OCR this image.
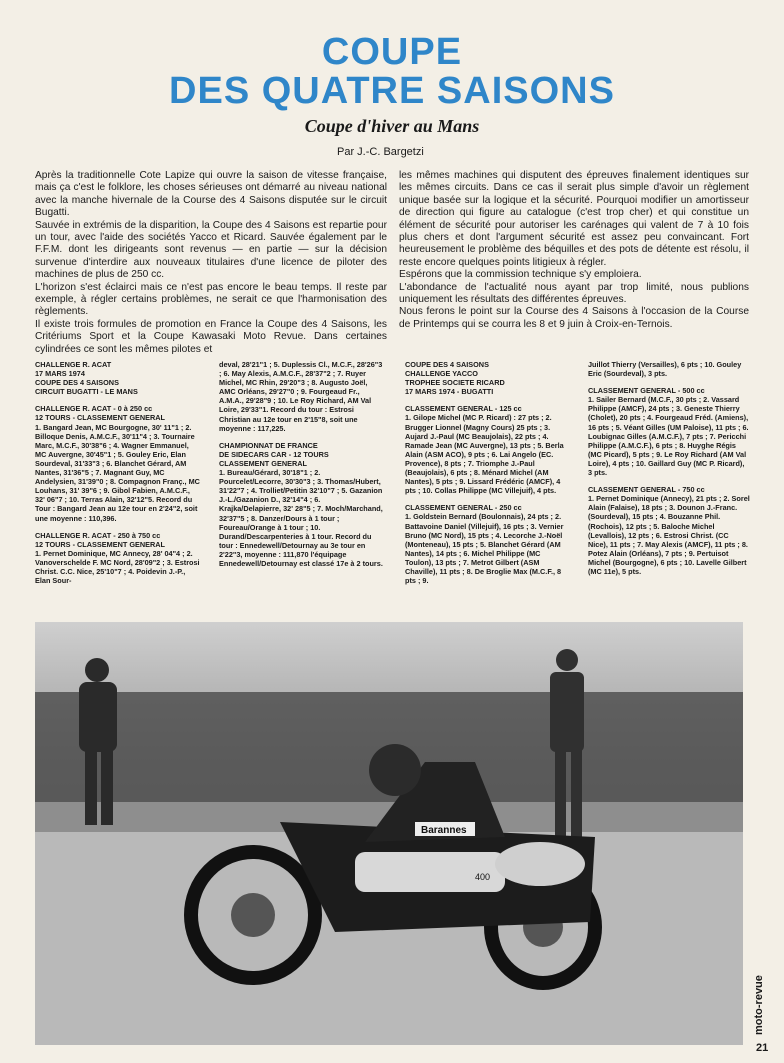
COUPE
DES QUATRE SAISONS
Coupe d'hiver au Mans
Par J.-C. Bargetzi

Après la traditionnelle Cote Lapize qui ouvre la saison de vitesse française, mais ça c'est le folklore, les choses sérieuses ont démarré au niveau national avec la manche hivernale de la Course des 4 Saisons disputée sur le circuit Bugatti.

Sauvée in extrémis de la disparition, la Coupe des 4 Saisons est repartie pour un tour, avec l'aide des sociétés Yacco et Ricard. Sauvée également par le F.F.M. dont les dirigeants sont revenus — en partie — sur la décision survenue d'interdire aux nouveaux titulaires d'une licence de piloter des machines de plus de 250 cc.

L'horizon s'est éclairci mais ce n'est pas encore le beau temps. Il reste par exemple, à régler certains problèmes, ne serait ce que l'harmonisation des règlements.

Il existe trois formules de promotion en France la Coupe des 4 Saisons, les Critériums Sport et la Coupe Kawasaki Moto Revue. Dans certaines cylindrées ce sont les mêmes pilotes et

les mêmes machines qui disputent des épreuves finalement identiques sur les mêmes circuits. Dans ce cas il serait plus simple d'avoir un règlement unique basée sur la logique et la sécurité. Pourquoi modifier un amortisseur de direction qui figure au catalogue (c'est trop cher) et qui constitue un élément de sécurité pour autoriser les carénages qui valent de 7 à 10 fois plus chers et dont l'argument sécurité est assez peu convaincant. Fort heureusement le problème des béquilles et des pots de détente est résolu, il reste encore quelques points litigieux à régler.

Espérons que la commission technique s'y emploiera.

L'abondance de l'actualité nous ayant par trop limité, nous publions uniquement les résultats des différentes épreuves.

Nous ferons le point sur la Course des 4 Saisons à l'occasion de la Course de Printemps qui se courra les 8 et 9 juin à Croix-en-Ternois.

CHALLENGE R. ACAT
17 MARS 1974
COUPE DES 4 SAISONS
CIRCUIT BUGATTI - LE MANS
CHALLENGE R. ACAT - 0 à 250 cc
12 TOURS - CLASSEMENT GENERAL
1. Bangard Jean, MC Bourgogne, 30' 11"1 ; 2. Billoque Denis, A.M.C.F., 30'11"4 ; 3. Tournaire Marc, M.C.F., 30'38"6 ; 4. Wagner Emmanuel, MC Auvergne, 30'45"1 ; 5. Gouley Eric, Elan Sourdeval, 31'33"3 ; 6. Blanchet Gérard, AM Nantes, 31'36"5 ; 7. Magnant Guy, MC Andelysien, 31'39"0 ; 8. Compagnon Franç., MC Louhans, 31' 39"6 ; 9. Gibol Fabien, A.M.C.F., 32' 06"7 ; 10. Terras Alain, 32'12"5. Record du Tour : Bangard Jean au 12e tour en 2'24"2, soit une moyenne : 110,396.
CHALLENGE R. ACAT - 250 à 750 cc
12 TOURS - CLASSEMENT GENERAL
1. Pernet Dominique, MC Annecy, 28' 04"4 ; 2. Vanoverschelde F. MC Nord, 28'09"2 ; 3. Estrosi Christ. C.C. Nice, 25'10"7 ; 4. Poidevin J.-P., Elan Sour-
deval, 28'21"1 ; 5. Duplessis Cl., M.C.F., 28'26"3 ; 6. May Alexis, A.M.C.F., 28'37"2 ; 7. Ruyer Michel, MC Rhin, 29'20"3 ; 8. Augusto Joël, AMC Orléans, 29'27"0 ; 9. Fourgeaud Fr., A.M.A., 29'28"9 ; 10. Le Roy Richard, AM Val Loire, 29'33"1. Record du tour : Estrosi Christian au 12e tour en 2'15"8, soit une moyenne : 117,225.
CHAMPIONNAT DE FRANCE
DE SIDECARS CAR - 12 TOURS
CLASSEMENT GENERAL
1. Bureau/Gérard, 30'18"1 ; 2. Pourcelet/Lecorre, 30'30"3 ; 3. Thomas/Hubert, 31'22"7 ; 4. Trolliet/Petitin 32'10"7 ; 5. Gazanion J.-L./Gazanion D., 32'14"4 ; 6. Krajka/Delapierre, 32' 28"5 ; 7. Moch/Marchand, 32'37"5 ; 8. Danzer/Dours à 1 tour ; Foureau/Orange à 1 tour ; 10. Durand/Descarpenteries à 1 tour. Record du tour : Ennedewell/Detournay au 3e tour en 2'22"3, moyenne : 111,870 l'équipage Ennedewell/Detournay est classé 17e à 2 tours.
COUPE DES 4 SAISONS
CHALLENGE YACCO
TROPHEE SOCIETE RICARD
17 MARS 1974 - BUGATTI
CLASSEMENT GENERAL - 125 cc
1. Gilope Michel (MC P. Ricard) : 27 pts ; 2. Brugger Lionnel (Magny Cours) 25 pts ; 3. Aujard J.-Paul (MC Beaujolais), 22 pts ; 4. Ramade Jean (MC Auvergne), 13 pts ; 5. Berla Alain (ASM ACO), 9 pts ; 6. Lai Angelo (EC. Provence), 8 pts ; 7. Triomphe J.-Paul (Beaujolais), 6 pts ; 8. Ménard Michel (AM Nantes), 5 pts ; 9. Lissard Frédéric (AMCF), 4 pts ; 10. Collas Philippe (MC Villejuif), 4 pts.
CLASSEMENT GENERAL - 250 cc
1. Goldstein Bernard (Boulonnais), 24 pts ; 2. Battavoine Daniel (Villejuif), 16 pts ; 3. Vernier Bruno (MC Nord), 15 pts ; 4. Lecorche J.-Noël (Monteneau), 15 pts ; 5. Blanchet Gérard (AM Nantes), 14 pts ; 6. Michel Philippe (MC Toulon), 13 pts ; 7. Metrot Gilbert (ASM Chaville), 11 pts ; 8. De Broglie Max (M.C.F., 8 pts ; 9.
Juillot Thierry (Versailles), 6 pts ; 10. Gouley Eric (Sourdeval), 3 pts.
CLASSEMENT GENERAL - 500 cc
1. Sailer Bernard (M.C.F., 30 pts ; 2. Vassard Philippe (AMCF), 24 pts ; 3. Geneste Thierry (Cholet), 20 pts ; 4. Fourgeaud Fréd. (Amiens), 16 pts ; 5. Véant Gilles (UM Paloise), 11 pts ; 6. Loubignac Gilles (A.M.C.F.), 7 pts ; 7. Pericchi Philippe (A.M.C.F.), 6 pts ; 8. Huyghe Régis (MC Picard), 5 pts ; 9. Le Roy Richard (AM Val Loire), 4 pts ; 10. Gaillard Guy (MC P. Ricard), 3 pts.
CLASSEMENT GENERAL - 750 cc
1. Pernet Dominique (Annecy), 21 pts ; 2. Sorel Alain (Falaise), 18 pts ; 3. Dounon J.-Franc. (Sourdeval), 15 pts ; 4. Bouzanne Phil. (Rochois), 12 pts ; 5. Baloche Michel (Levallois), 12 pts ; 6. Estrosi Christ. (CC Nice), 11 pts ; 7. May Alexis (AMCF), 11 pts ; 8. Potez Alain (Orléans), 7 pts ; 9. Pertuisot Michel (Bourgogne), 6 pts ; 10. Lavelle Gilbert (MC 11e), 5 pts.
Barannes
400
moto-revue
21
